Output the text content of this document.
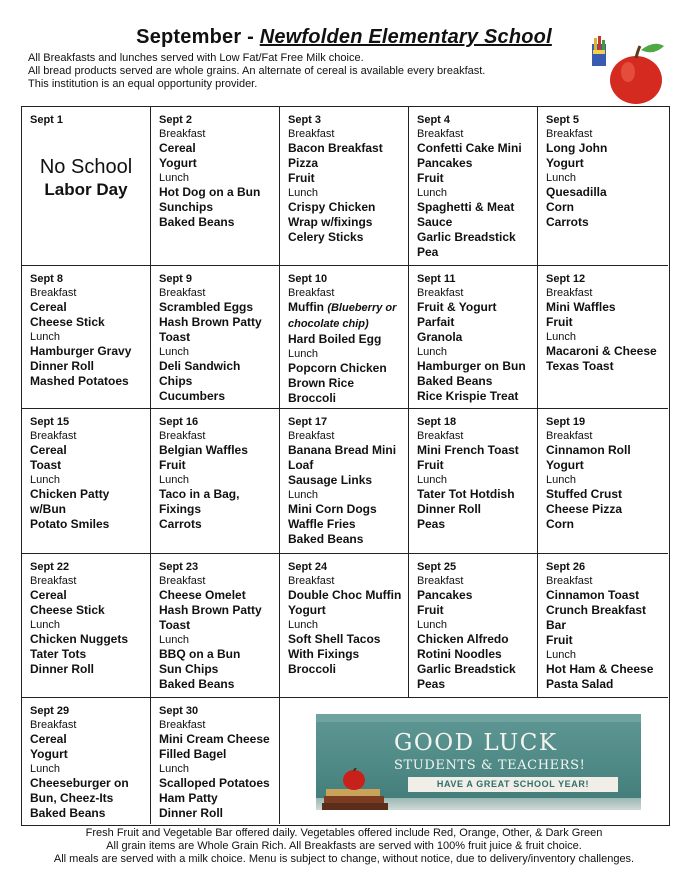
September - Newfolden Elementary School
All Breakfasts and lunches served with Low Fat/Fat Free Milk choice.
All bread products served are whole grains. An alternate of cereal is available every breakfast.
This institution is an equal opportunity provider.
Sept 1
No School
Labor Day
Sept 2
Breakfast
Cereal
Yogurt
Lunch
Hot Dog on a Bun
Sunchips
Baked Beans
Sept 3
Breakfast
Bacon Breakfast
Pizza
Fruit
Lunch
Crispy Chicken
Wrap w/fixings
Celery Sticks
Sept 4
Breakfast
Confetti Cake Mini
Pancakes
Fruit
Lunch
Spaghetti & Meat
Sauce
Garlic Breadstick
Pea
Sept 5
Breakfast
Long John
Yogurt
Lunch
Quesadilla
Corn
Carrots
Sept 8
Breakfast
Cereal
Cheese Stick
Lunch
Hamburger Gravy
Dinner Roll
Mashed Potatoes
Sept 9
Breakfast
Scrambled Eggs
Hash Brown Patty
Toast
Lunch
Deli Sandwich
Chips
Cucumbers
Sept 10
Breakfast
Muffin (Blueberry or chocolate chip)
Hard Boiled Egg
Lunch
Popcorn Chicken
Brown Rice
Broccoli
Sept 11
Breakfast
Fruit & Yogurt
Parfait
Granola
Lunch
Hamburger on Bun
Baked Beans
Rice Krispie Treat
Sept 12
Breakfast
Mini Waffles
Fruit
Lunch
Macaroni & Cheese
Texas Toast
Sept 15
Breakfast
Cereal
Toast
Lunch
Chicken Patty
w/Bun
Potato Smiles
Sept 16
Breakfast
Belgian Waffles
Fruit
Lunch
Taco in a Bag,
Fixings
Carrots
Sept 17
Breakfast
Banana Bread Mini
Loaf
Sausage Links
Lunch
Mini Corn Dogs
Waffle Fries
Baked Beans
Sept 18
Breakfast
Mini French Toast
Fruit
Lunch
Tater Tot Hotdish
Dinner Roll
Peas
Sept 19
Breakfast
Cinnamon Roll
Yogurt
Lunch
Stuffed Crust
Cheese Pizza
Corn
Sept 22
Breakfast
Cereal
Cheese Stick
Lunch
Chicken Nuggets
Tater Tots
Dinner Roll
Sept 23
Breakfast
Cheese Omelet
Hash Brown Patty
Toast
Lunch
BBQ on a Bun
Sun Chips
Baked Beans
Sept 24
Breakfast
Double Choc Muffin
Yogurt
Lunch
Soft Shell Tacos
With Fixings
Broccoli
Sept 25
Breakfast
Pancakes
Fruit
Lunch
Chicken Alfredo
Rotini Noodles
Garlic Breadstick
Peas
Sept 26
Breakfast
Cinnamon Toast
Crunch Breakfast
Bar
Fruit
Lunch
Hot Ham & Cheese
Pasta Salad
Sept 29
Breakfast
Cereal
Yogurt
Lunch
Cheeseburger on
Bun, Cheez-Its
Baked Beans
Sept 30
Breakfast
Mini Cream Cheese
Filled Bagel
Lunch
Scalloped Potatoes
Ham Patty
Dinner Roll
GOOD LUCK
STUDENTS & TEACHERS!
HAVE A GREAT SCHOOL YEAR!
Fresh Fruit and Vegetable Bar offered daily. Vegetables offered include Red, Orange, Other, & Dark Green
All grain items are Whole Grain Rich. All Breakfasts are served with 100% fruit juice & fruit choice.
All meals are served with a milk choice. Menu is subject to change, without notice, due to delivery/inventory challenges.
